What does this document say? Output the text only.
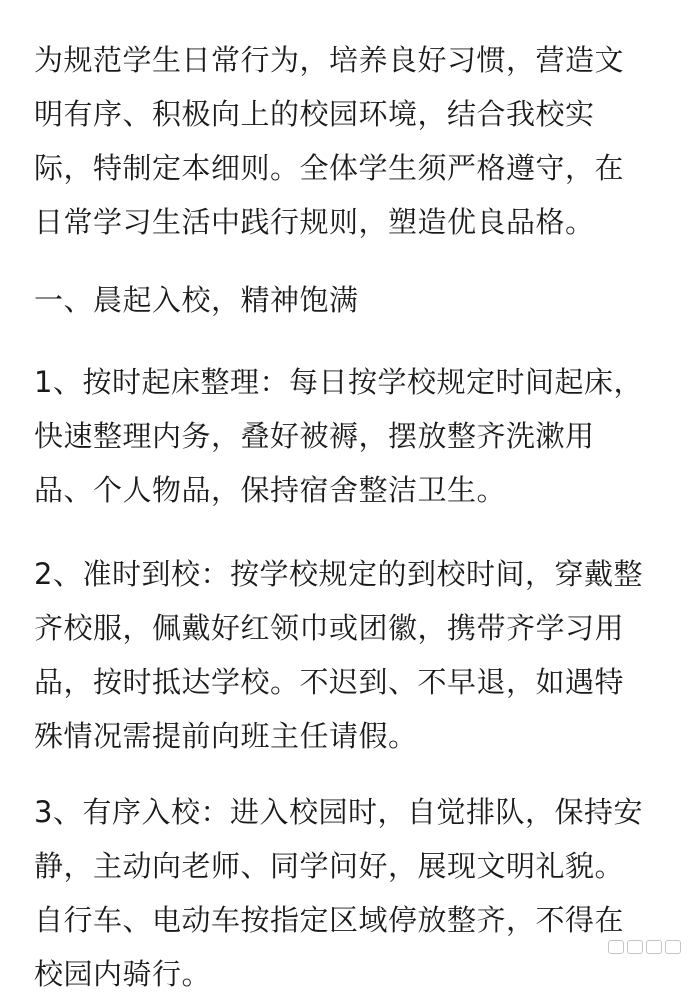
为规范学生日常行为，培养良好习惯，营造文
明有序、积极向上的校园环境，结合我校实
际，特制定本细则。全体学生须严格遵守，在
日常学习生活中践行规则，塑造优良品格。
一、晨起入校，精神饱满
1、按时起床整理：每日按学校规定时间起床，
快速整理内务，叠好被褥，摆放整齐洗漱用
品、个人物品，保持宿舍整洁卫生。
2、准时到校：按学校规定的到校时间，穿戴整
齐校服，佩戴好红领巾或团徽，携带齐学习用
品，按时抵达学校。不迟到、不早退，如遇特
殊情况需提前向班主任请假。
3、有序入校：进入校园时，自觉排队，保持安
静，主动向老师、同学问好，展现文明礼貌。
自行车、电动车按指定区域停放整齐，不得在
校园内骑行。
